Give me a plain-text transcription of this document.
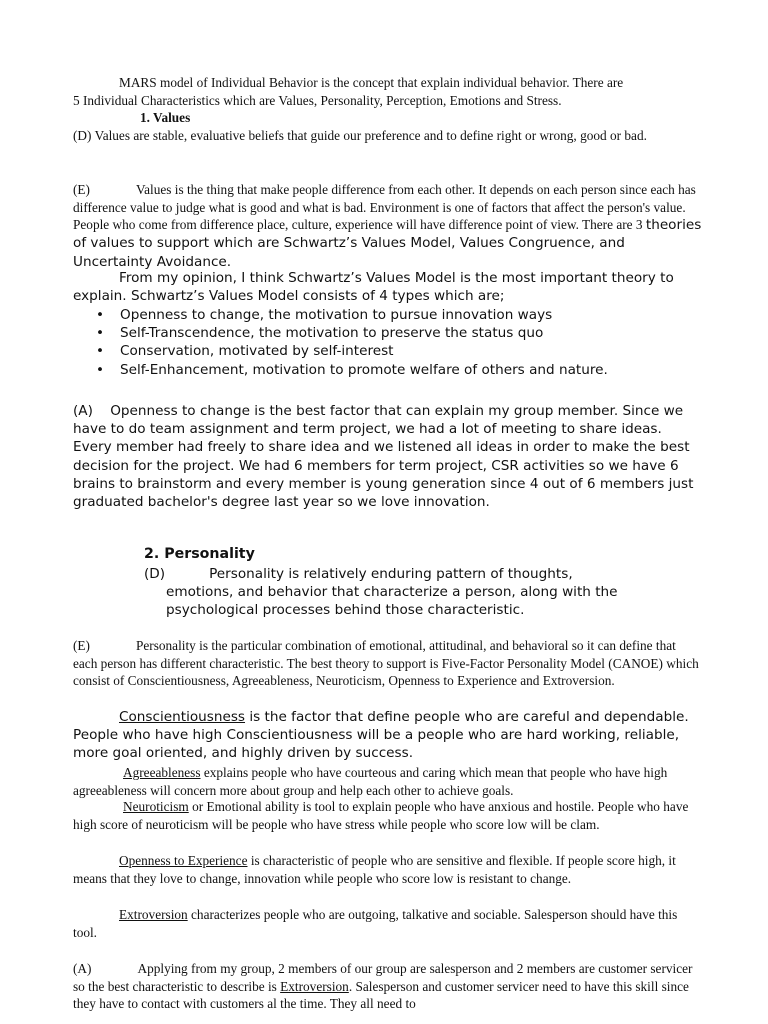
MARS model of Individual Behavior is the concept that explain individual behavior. There are
5 Individual Characteristics which are Values, Personality, Perception, Emotions and Stress.

1. Values

(D) Values are stable, evaluative beliefs that guide our preference and to define right or wrong, good or bad.

(E)	Values is the thing that make people difference from each other. It depends on each person since each has difference value to judge what is good and what is bad. Environment is one of factors that affect the person's value. People who come from difference place, culture, experience will have difference point of view. There are 3 theories of values to support which are Schwartz’s Values Model, Values Congruence, and Uncertainty Avoidance.

From my opinion, I think Schwartz’s Values Model is the most important theory to explain. Schwartz’s Values Model consists of 4 types which are;

• Openness to change, the motivation to pursue innovation ways
• Self-Transcendence, the motivation to preserve the status quo
• Conservation, motivated by self-interest
• Self-Enhancement, motivation to promote welfare of others and nature.

(A) Openness to change is the best factor that can explain my group member. Since we have to do team assignment and term project, we had a lot of meeting to share ideas. Every member had freely to share idea and we listened all ideas in order to make the best decision for the project. We had 6 members for term project, CSR activities so we have 6 brains to brainstorm and every member is young generation since 4 out of 6 members just graduated bachelor's degree last year so we love innovation.

2. Personality

(D)	Personality is relatively enduring pattern of thoughts,
emotions, and behavior that characterize a person, along with the psychological processes behind those characteristic.

(E)	Personality is the particular combination of emotional, attitudinal, and behavioral so it can define that each person has different characteristic. The best theory to support is Five-Factor Personality Model (CANOE) which consist of Conscientiousness, Agreeableness, Neuroticism, Openness to Experience and Extroversion.

Conscientiousness is the factor that define people who are careful and dependable. People who have high Conscientiousness will be a people who are hard working, reliable, more goal oriented, and highly driven by success.

Agreeableness explains people who have courteous and caring which mean that people who have high agreeableness will concern more about group and help each other to achieve goals.

Neuroticism or Emotional ability is tool to explain people who have anxious and hostile. People who have high score of neuroticism will be people who have stress while people who score low will be clam.

Openness to Experience is characteristic of people who are sensitive and flexible. If people score high, it means that they love to change, innovation while people who score low is resistant to change.

Extroversion characterizes people who are outgoing, talkative and sociable. Salesperson should have this tool.

(A)	Applying from my group, 2 members of our group are salesperson and 2 members are customer servicer so the best characteristic to describe is Extroversion. Salesperson and customer servicer need to have this skill since they have to contact with customers al the time. They all need to
